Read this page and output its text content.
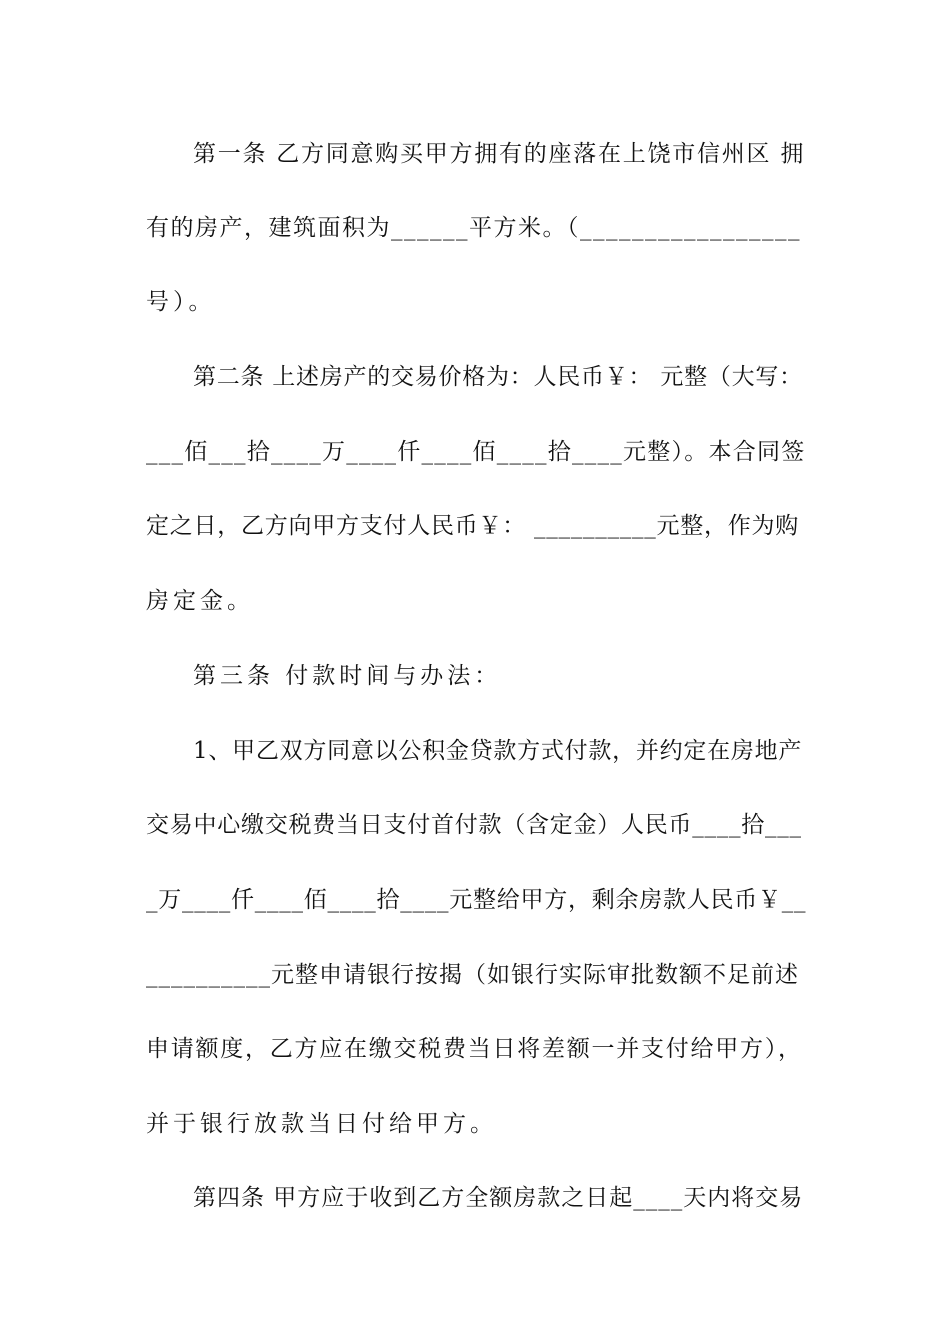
第一条 乙方同意购买甲方拥有的座落在上饶市信州区 拥
有的房产，建筑面积为______平方米。（_________________
号）。
第二条 上述房产的交易价格为：人民币￥： 元整（大写：
___佰___拾____万____仟____佰____拾____元整）。本合同签
定之日，乙方向甲方支付人民币￥： __________元整，作为购
房定金。
第三条 付款时间与办法：
1、甲乙双方同意以公积金贷款方式付款，并约定在房地产
交易中心缴交税费当日支付首付款（含定金）人民币____拾___
_万____仟____佰____拾____元整给甲方，剩余房款人民币￥__
__________元整申请银行按揭（如银行实际审批数额不足前述
申请额度，乙方应在缴交税费当日将差额一并支付给甲方），
并于银行放款当日付给甲方。
第四条 甲方应于收到乙方全额房款之日起____天内将交易
